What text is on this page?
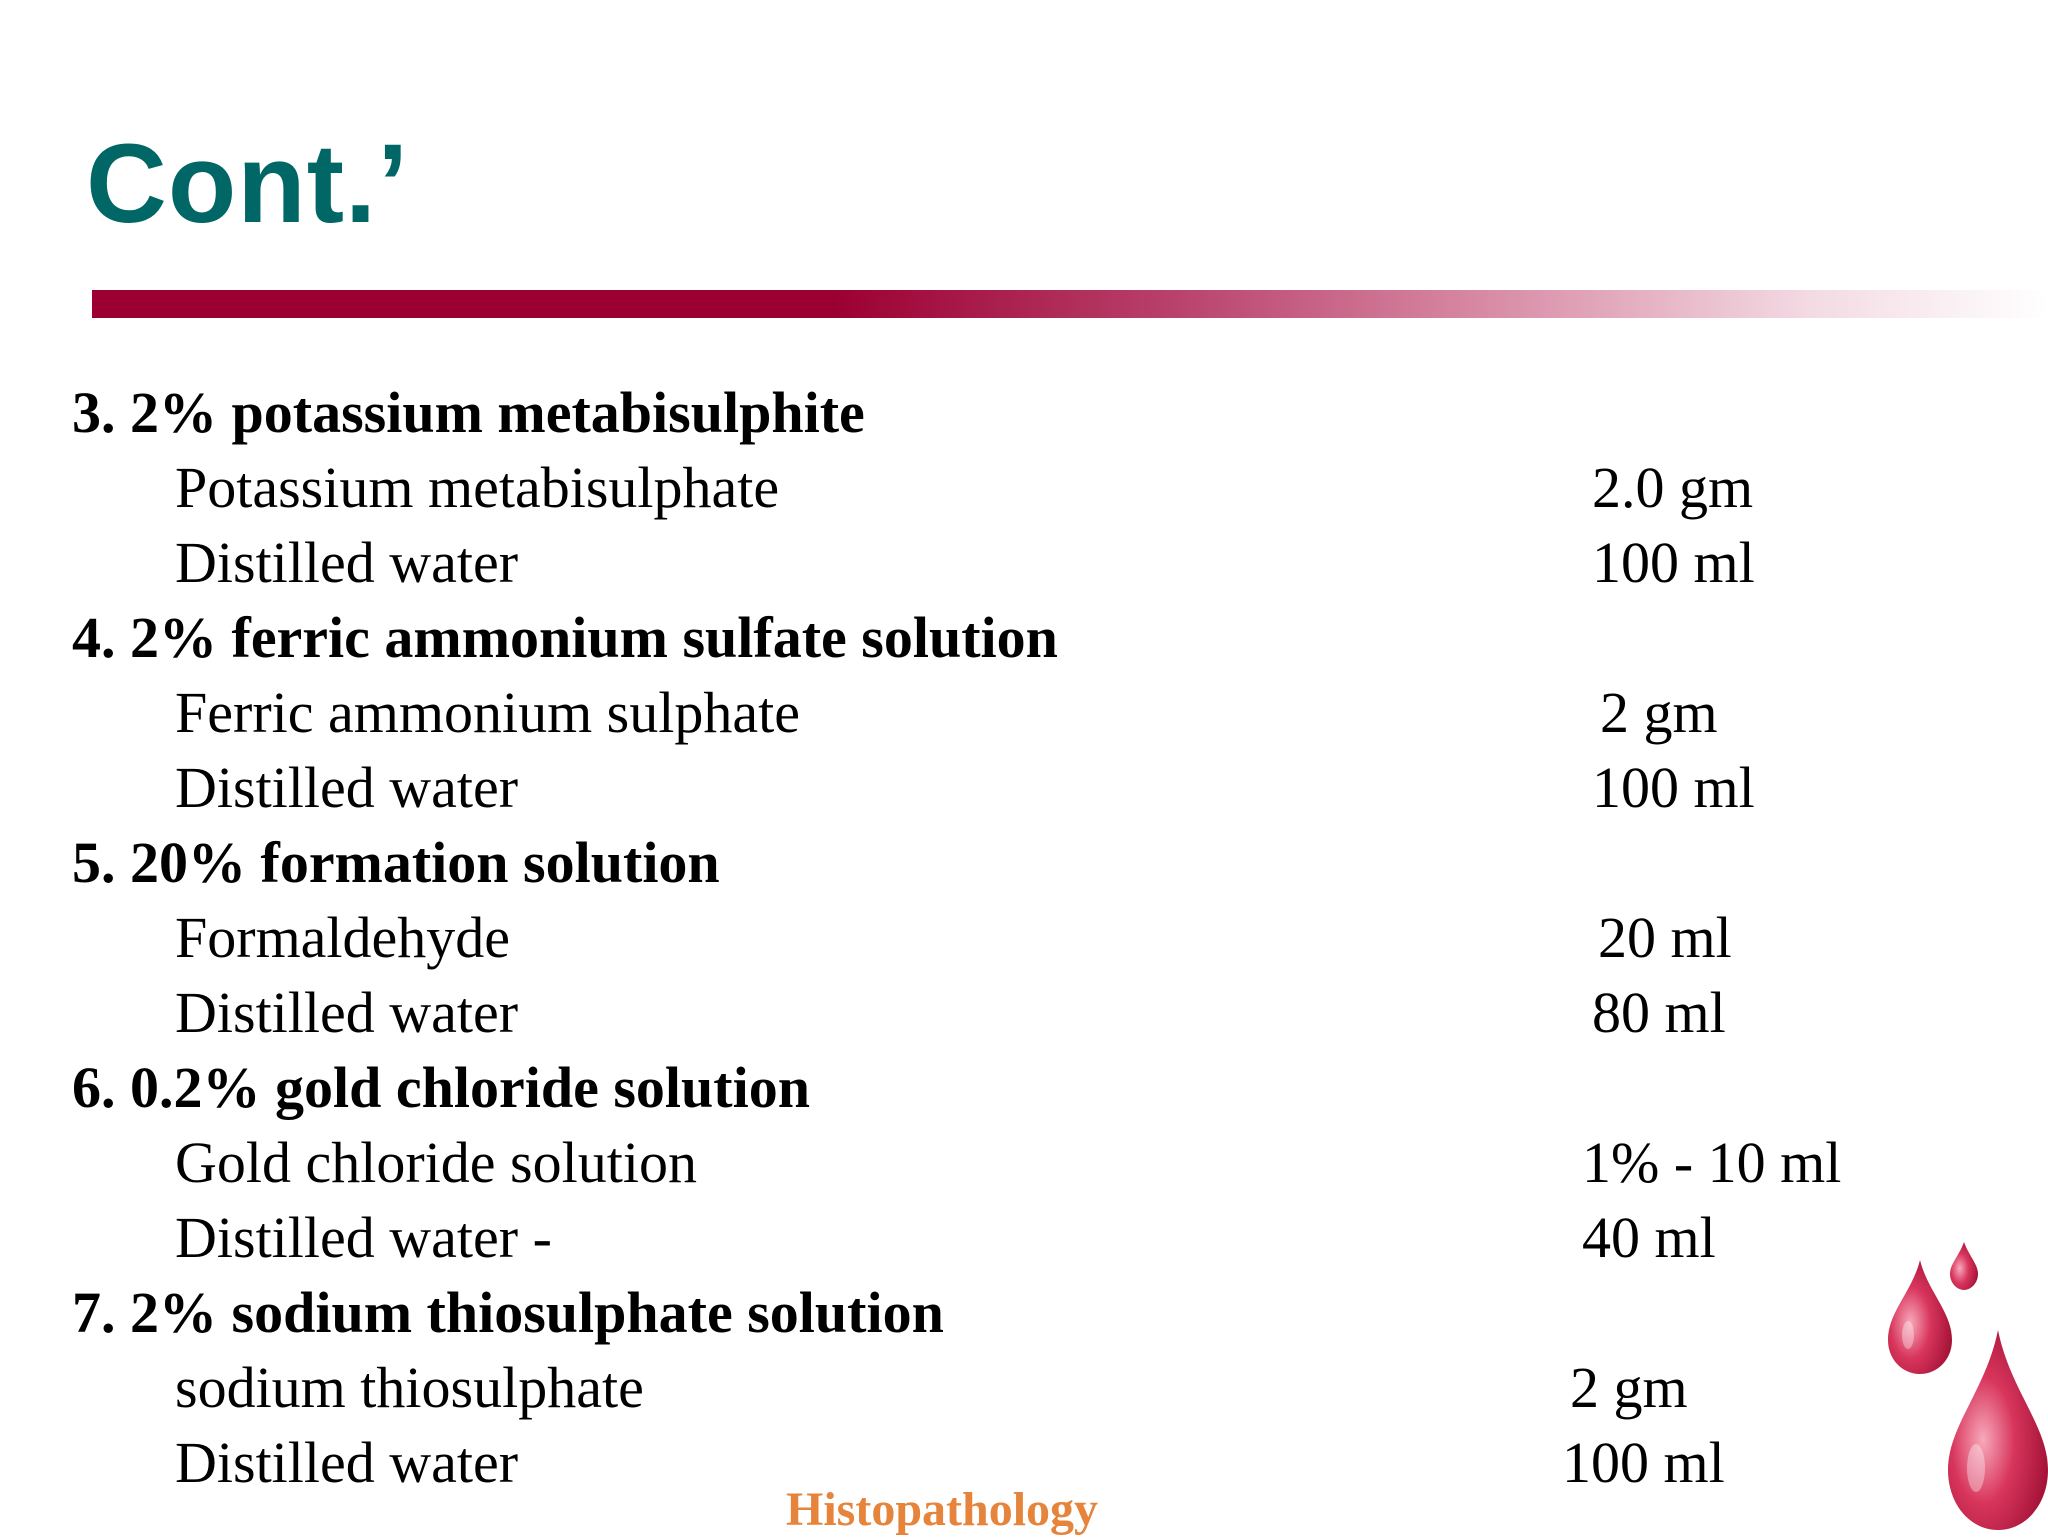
Cont.’
3. 2% potassium metabisulphite
Potassium metabisulphate	2.0 gm
Distilled water	100 ml
4. 2% ferric ammonium sulfate solution
Ferric ammonium sulphate	2 gm
Distilled water	100 ml
5. 20% formation solution
Formaldehyde	20 ml
Distilled water	80 ml
6. 0.2% gold chloride solution
Gold chloride solution	1% - 10 ml
Distilled water -	40 ml
7. 2% sodium thiosulphate solution
sodium thiosulphate	2 gm
Distilled water	100 ml
Histopathology
